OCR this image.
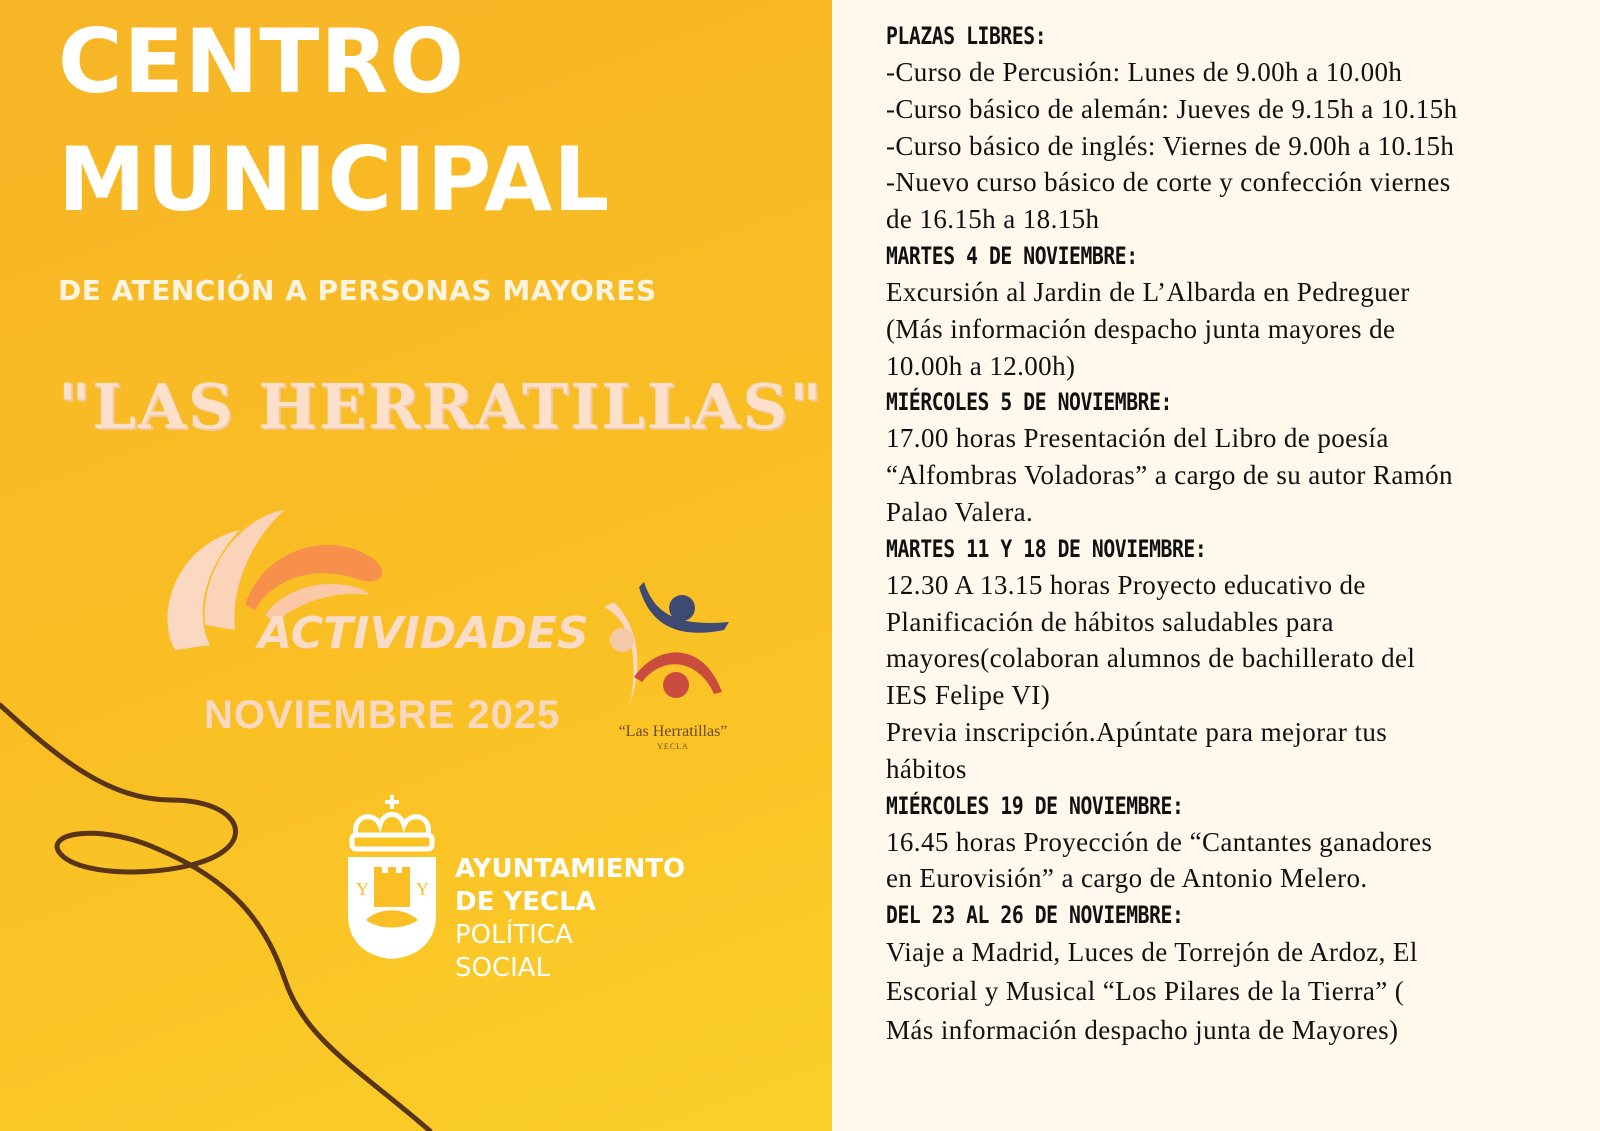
CENTRO
MUNICIPAL
DE ATENCIÓN A PERSONAS MAYORES
"LAS HERRATILLAS"
ACTIVIDADES
NOVIEMBRE 2025	“Las Herratillas”
YECLA
Y	Y
AYUNTAMIENTO
DE YECLA
POLÍTICA
SOCIAL
PLAZAS LIBRES:
-Curso de Percusión: Lunes de 9.00h a 10.00h
-Curso básico de alemán: Jueves de 9.15h a 10.15h
-Curso básico de inglés: Viernes de 9.00h a 10.15h
-Nuevo curso básico de corte y confección viernes
de 16.15h a 18.15h
MARTES 4 DE NOVIEMBRE:
Excursión al Jardin de L’Albarda en Pedreguer
(Más información despacho junta mayores de
10.00h a 12.00h)
MIÉRCOLES 5 DE NOVIEMBRE:
17.00 horas Presentación del Libro de poesía
“Alfombras Voladoras” a cargo de su autor Ramón
Palao Valera.
MARTES 11 Y 18 DE NOVIEMBRE:
12.30 A 13.15 horas Proyecto educativo de
Planificación de hábitos saludables para
mayores(colaboran alumnos de bachillerato del
IES Felipe VI)
Previa inscripción.Apúntate para mejorar tus
hábitos
MIÉRCOLES 19 DE NOVIEMBRE:
16.45 horas Proyección de “Cantantes ganadores
en Eurovisión” a cargo de Antonio Melero.
DEL 23 AL 26 DE NOVIEMBRE:
Viaje a Madrid, Luces de Torrejón de Ardoz, El
Escorial y Musical “Los Pilares de la Tierra” (
Más información despacho junta de Mayores)
